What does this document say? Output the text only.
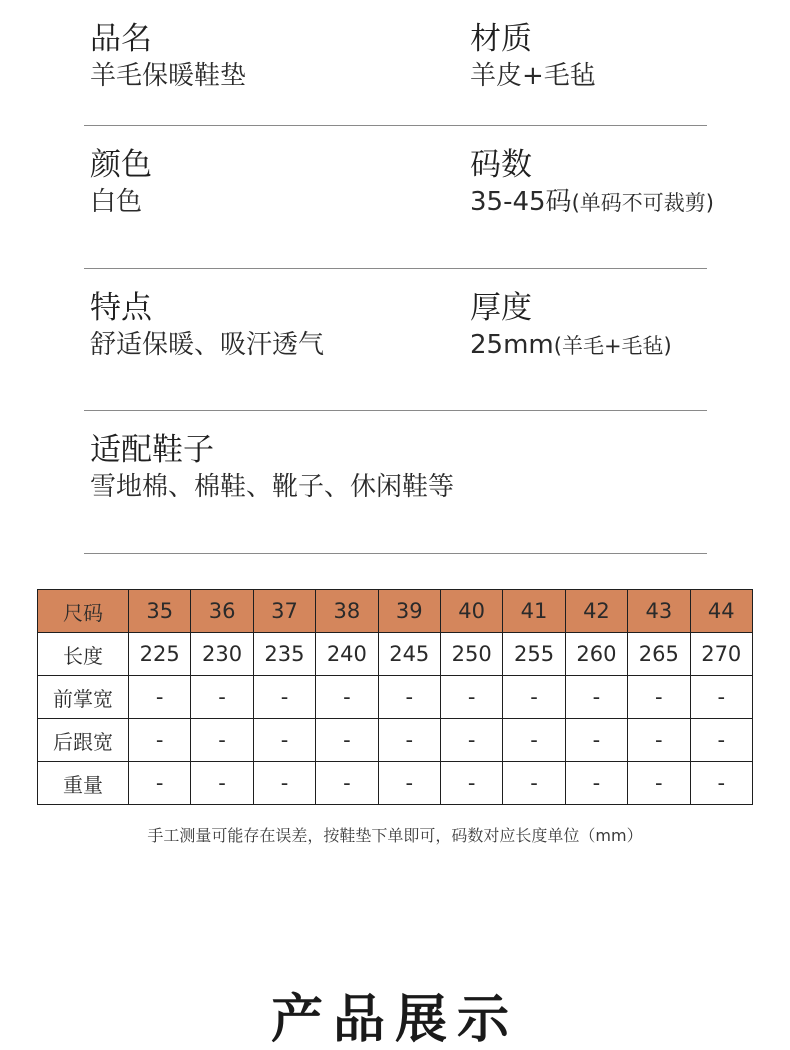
品名
羊毛保暖鞋垫
材质
羊皮+毛毡
颜色
白色
码数
35-45码(单码不可裁剪)
特点
舒适保暖、吸汗透气
厚度
25mm(羊毛+毛毡)
适配鞋子
雪地棉、棉鞋、靴子、休闲鞋等
尺码	35	36	37	38	39	40	41	42	43	44
长度	225	230	235	240	245	250	255	260	265	270
前掌宽	-	-	-	-	-	-	-	-	-	-
后跟宽	-	-	-	-	-	-	-	-	-	-
重量	-	-	-	-	-	-	-	-	-	-
手工测量可能存在误差，按鞋垫下单即可，码数对应长度单位（mm）
产品展示
